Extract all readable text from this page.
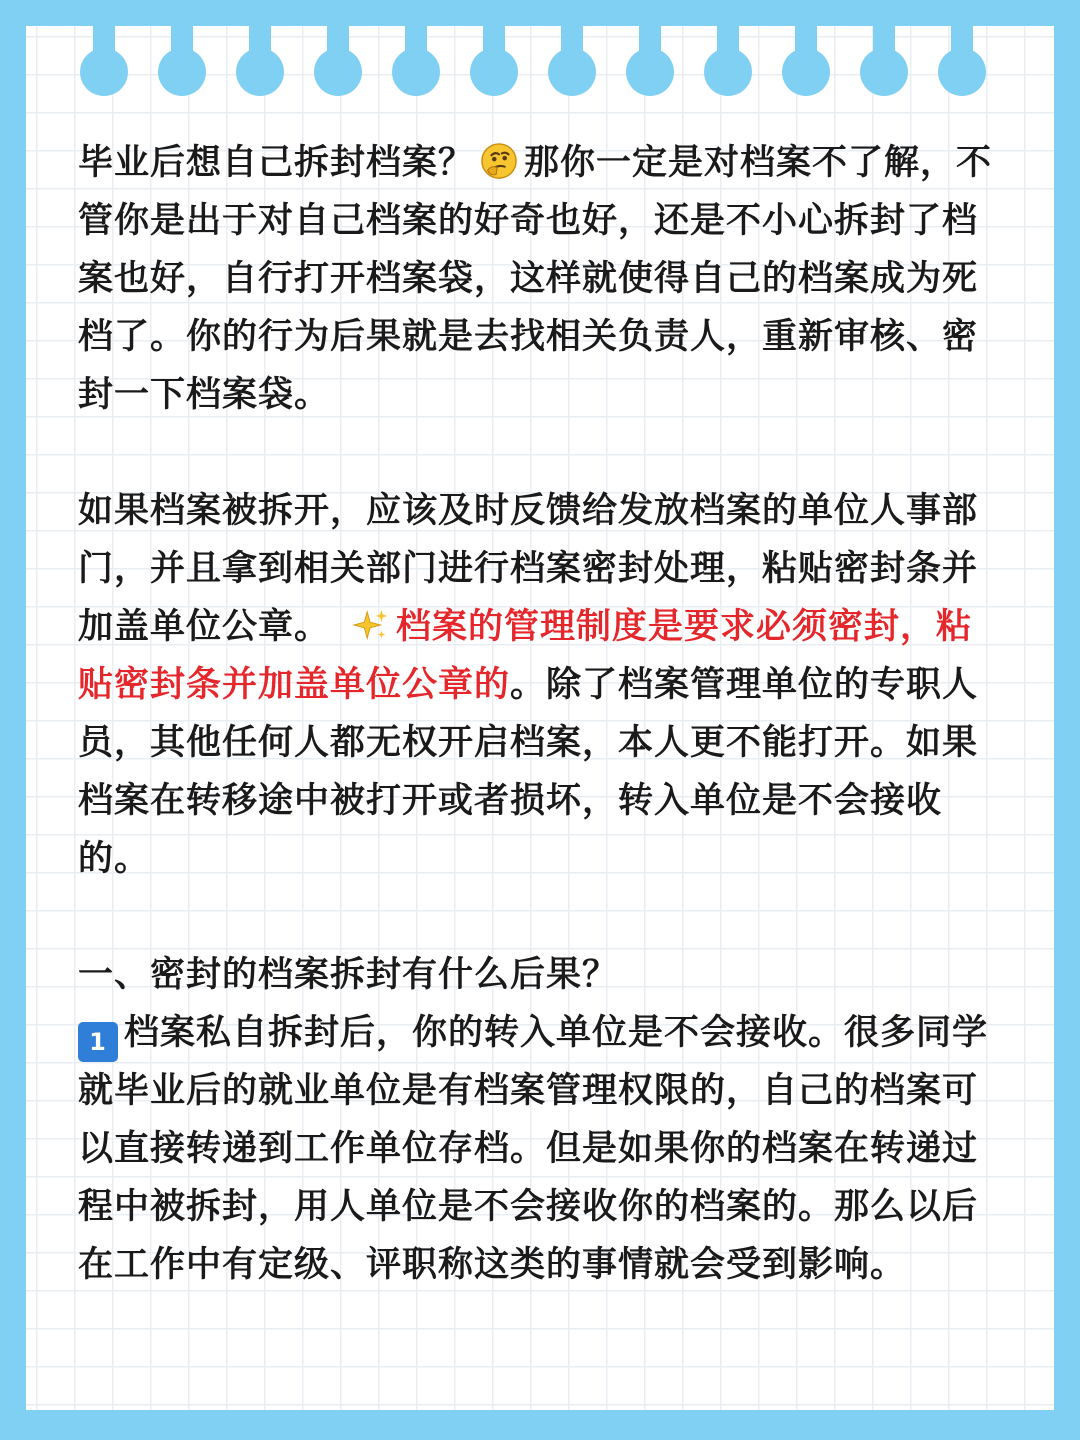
毕业后想自己拆封档案？ 那你一定是对档案不了解，不管你是出于对自己档案的好奇也好，还是不小心拆封了档案也好，自行打开档案袋，这样就使得自己的档案成为死档了。你的行为后果就是去找相关负责人，重新审核、密封一下档案袋。

如果档案被拆开，应该及时反馈给发放档案的单位人事部门，并且拿到相关部门进行档案密封处理，粘贴密封条并加盖单位公章。 档案的管理制度是要求必须密封，粘贴密封条并加盖单位公章的。除了档案管理单位的专职人员，其他任何人都无权开启档案，本人更不能打开。如果档案在转移途中被打开或者损坏，转入单位是不会接收的。

一、密封的档案拆封有什么后果？

1 档案私自拆封后，你的转入单位是不会接收。很多同学就毕业后的就业单位是有档案管理权限的，自己的档案可以直接转递到工作单位存档。但是如果你的档案在转递过程中被拆封，用人单位是不会接收你的档案的。那么以后在工作中有定级、评职称这类的事情就会受到影响。
